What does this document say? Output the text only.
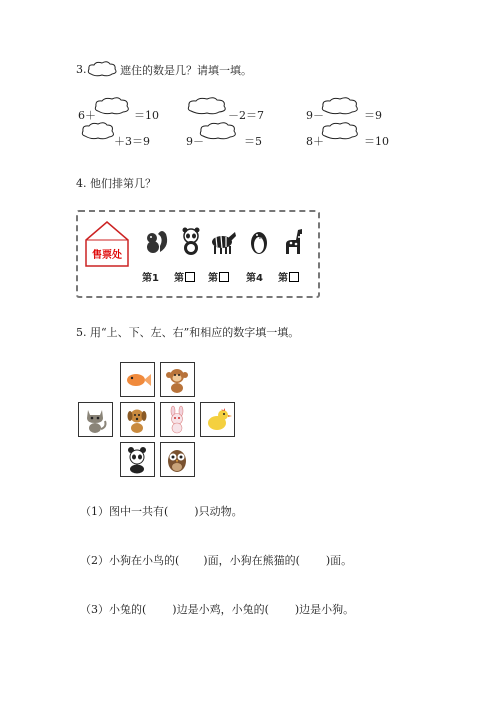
3.	遮住的数是几？请填一填。
6＋	＝10	－2＝7	9－	＝9
＋3＝9	9－	＝5	8＋	＝10
4. 他们排第几？
售票处
第1 第	第	第4 第
5. 用“上、下、左、右”和相应的数字填一填。
（1）图中一共有( )只动物。
（2）小狗在小鸟的( )面，小狗在熊猫的( )面。
（3）小兔的( )边是小鸡，小兔的( )边是小狗。
